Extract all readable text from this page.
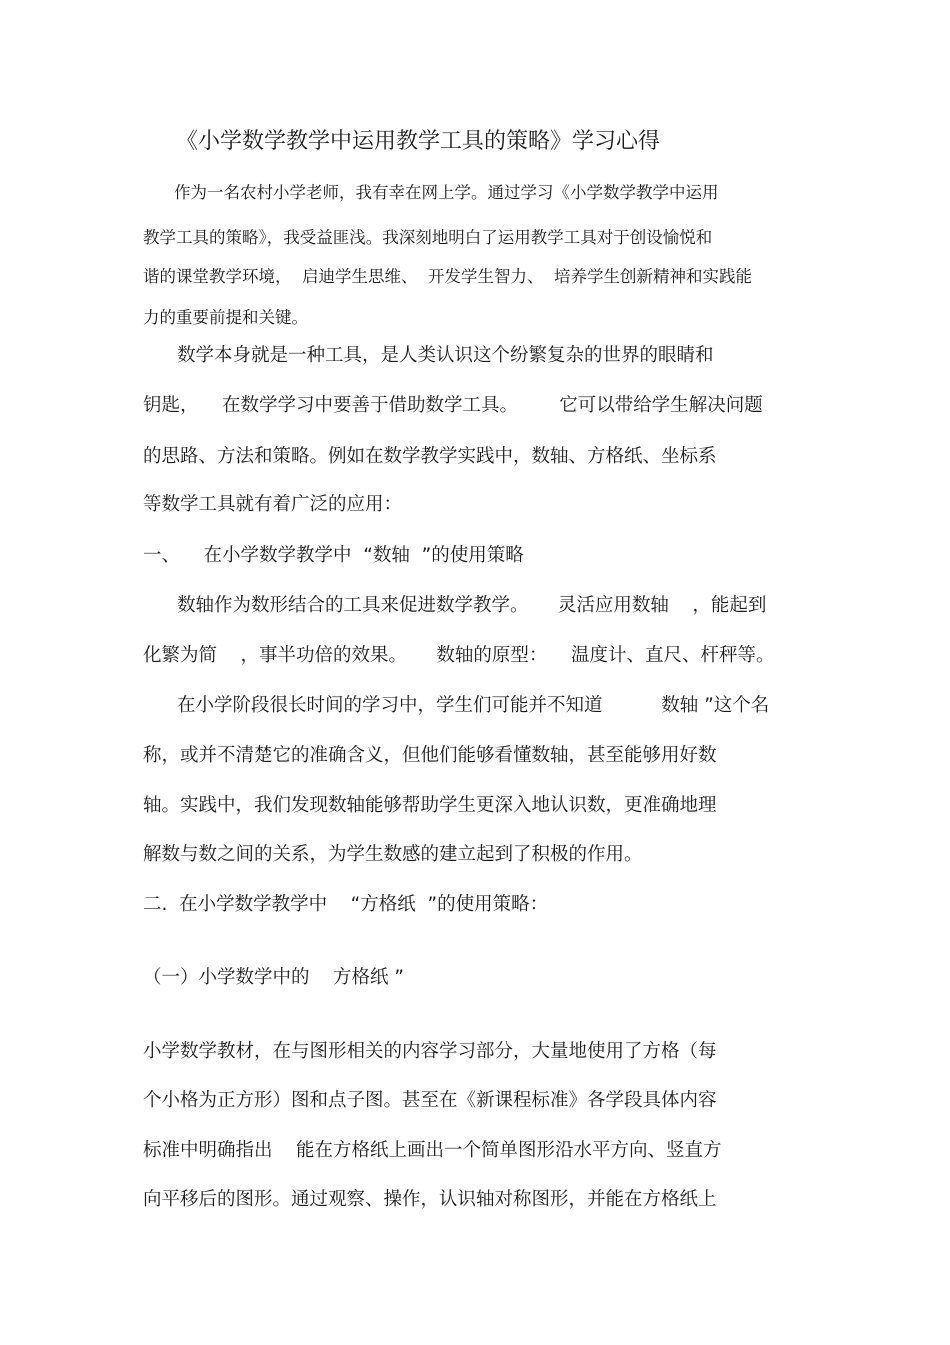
《小学数学教学中运用教学工具的策略》学习心得
作为一名农村小学老师，我有幸在网上学。通过学习《小学数学教学中运用
教学工具的策略》，我受益匪浅。我深刻地明白了运用教学工具对于创设愉悦和
谐的课堂教学环境，  启迪学生思维、  开发学生智力、  培养学生创新精神和实践能
力的重要前提和关键。
数学本身就是一种工具，是人类认识这个纷繁复杂的世界的眼睛和
钥匙，    在数学学习中要善于借助数学工具。       它可以带给学生解决问题
的思路、方法和策略。例如在数学教学实践中，数轴、方格纸、坐标系
等数学工具就有着广泛的应用：
一、    在小学数学教学中  “数轴  ”的使用策略
数轴作为数形结合的工具来促进数学教学。     灵活应用数轴    ，能起到
化繁为简    ，事半功倍的效果。     数轴的原型：    温度计、直尺、杆秤等。
在小学阶段很长时间的学习中，学生们可能并不知道          数轴 ”这个名
称，或并不清楚它的准确含义，但他们能够看懂数轴，甚至能够用好数
轴。实践中，我们发现数轴能够帮助学生更深入地认识数，更准确地理
解数与数之间的关系，为学生数感的建立起到了积极的作用。
二.  在小学数学教学中    “方格纸  ”的使用策略：
（一）小学数学中的    方格纸 ”
小学数学教材，在与图形相关的内容学习部分，大量地使用了方格（每
个小格为正方形）图和点子图。甚至在《新课程标准》各学段具体内容
标准中明确指出    能在方格纸上画出一个简单图形沿水平方向、竖直方
向平移后的图形。通过观察、操作，认识轴对称图形，并能在方格纸上
